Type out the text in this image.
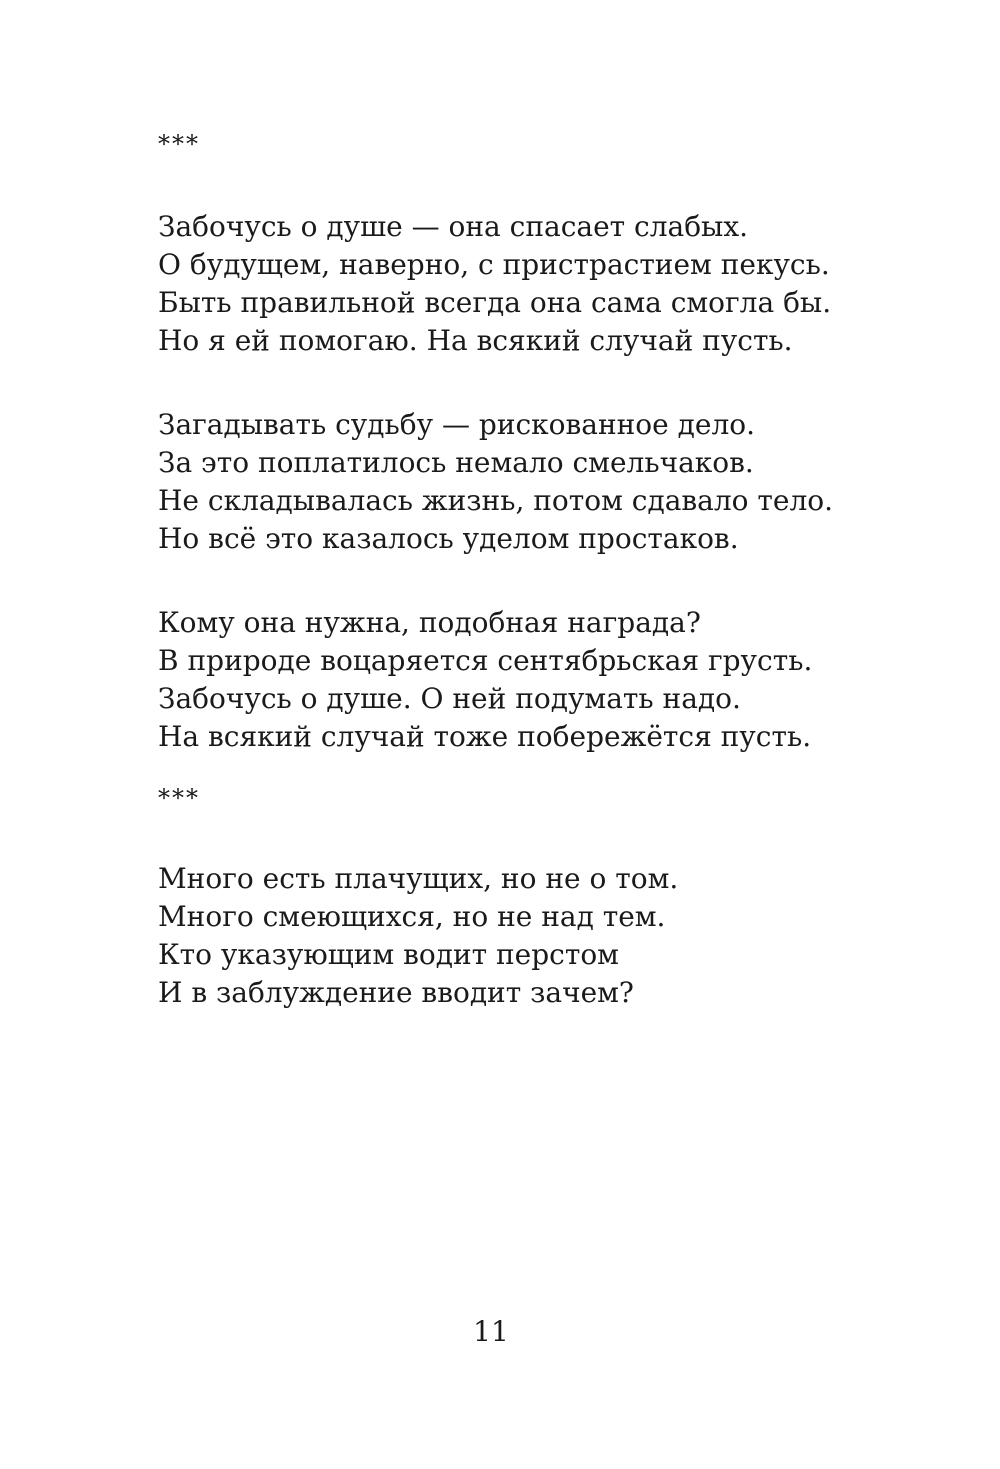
***

Забочусь о душе — она спасает слабых.
О будущем, наверно, с пристрастием пекусь.
Быть правильной всегда она сама смогла бы.
Но я ей помогаю. На всякий случай пусть.
Загадывать судьбу — рискованное дело.
За это поплатилось немало смельчаков.
Не складывалась жизнь, потом сдавало тело.
Но всё это казалось уделом простаков.
Кому она нужна, подобная награда?
В природе воцаряется сентябрьская грусть.
Забочусь о душе. О ней подумать надо.
На всякий случай тоже побережётся пусть.

***

Много есть плачущих, но не о том.
Много смеющихся, но не над тем.
Кто указующим водит перстом
И в заблуждение вводит зачем?
11
